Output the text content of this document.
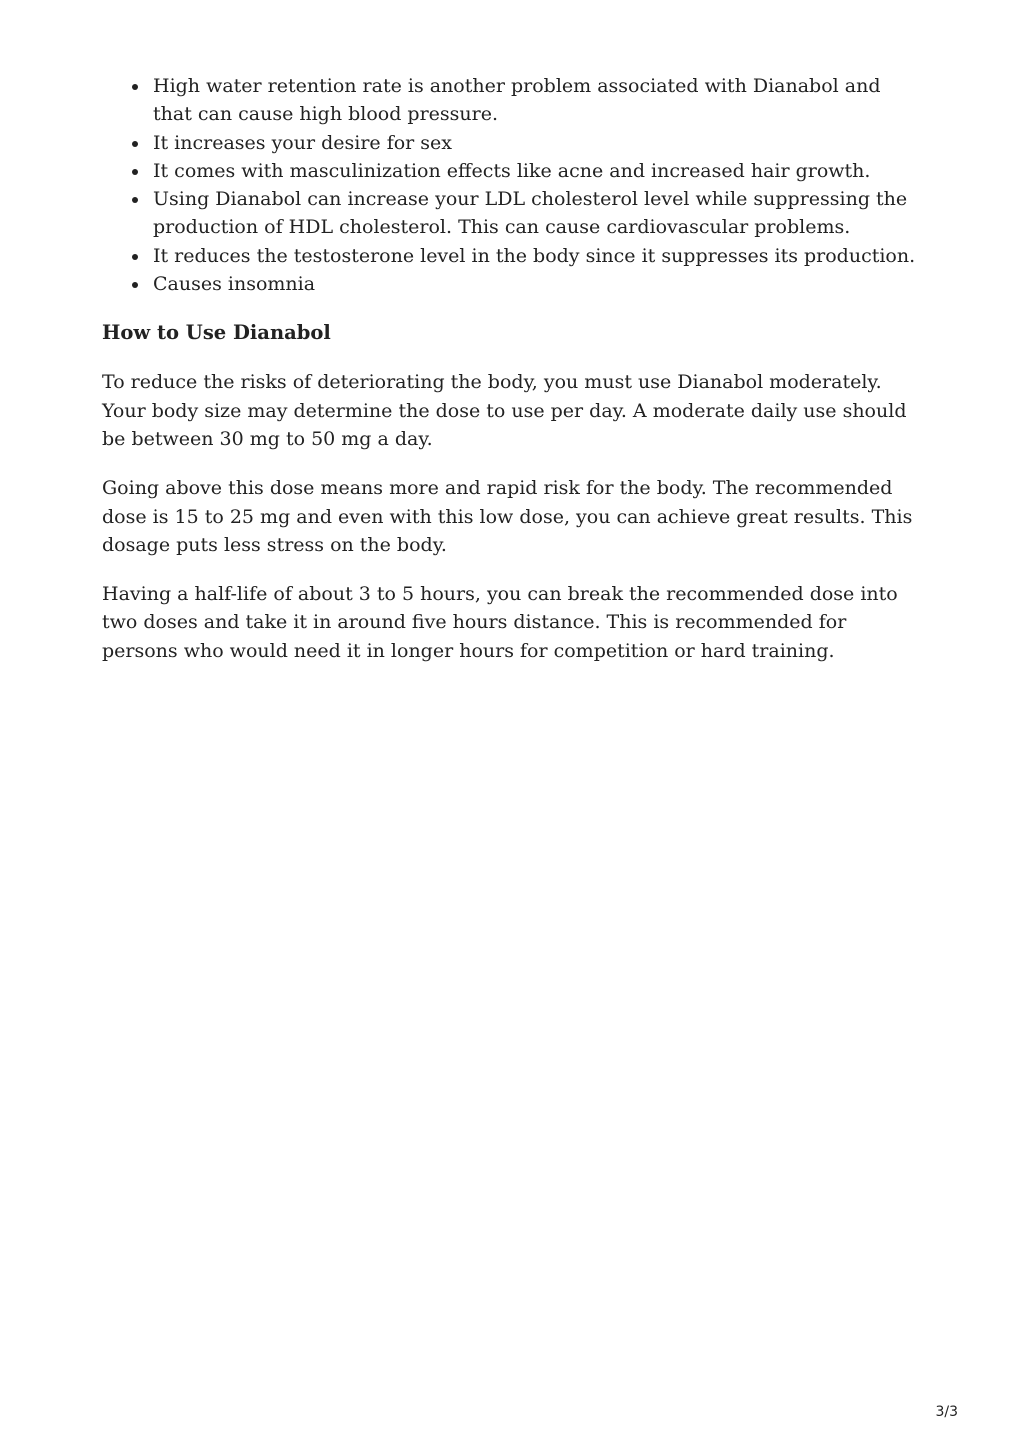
High water retention rate is another problem associated with Dianabol and that can cause high blood pressure.
It increases your desire for sex
It comes with masculinization effects like acne and increased hair growth.
Using Dianabol can increase your LDL cholesterol level while suppressing the production of HDL cholesterol. This can cause cardiovascular problems.
It reduces the testosterone level in the body since it suppresses its production.
Causes insomnia
How to Use Dianabol

To reduce the risks of deteriorating the body, you must use Dianabol moderately. Your body size may determine the dose to use per day. A moderate daily use should be between 30 mg to 50 mg a day.

Going above this dose means more and rapid risk for the body. The recommended dose is 15 to 25 mg and even with this low dose, you can achieve great results. This dosage puts less stress on the body.

Having a half-life of about 3 to 5 hours, you can break the recommended dose into two doses and take it in around five hours distance. This is recommended for persons who would need it in longer hours for competition or hard training.

3/3
